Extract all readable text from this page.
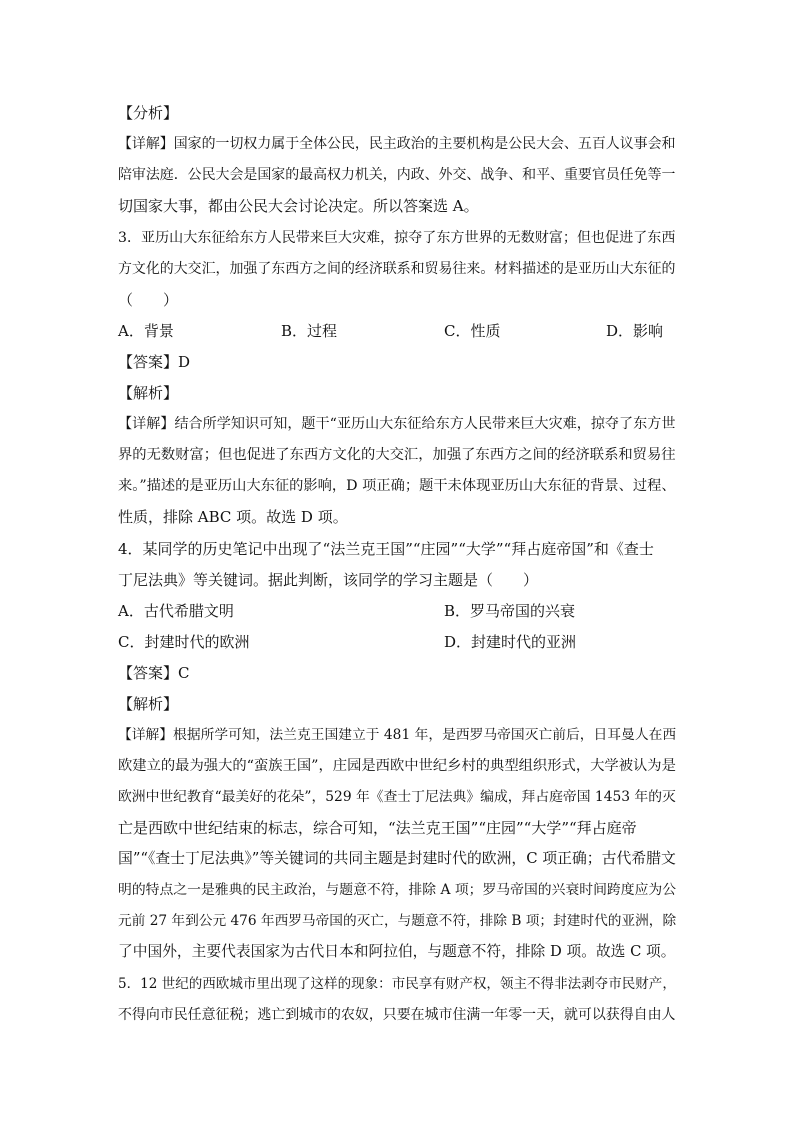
【分析】
【详解】国家的一切权力属于全体公民，民主政治的主要机构是公民大会、五百人议事会和
陪审法庭．公民大会是国家的最高权力机关，内政、外交、战争、和平、重要官员任免等一
切国家大事，都由公民大会讨论决定。所以答案选 A。
3．亚历山大东征给东方人民带来巨大灾难，掠夺了东方世界的无数财富；但也促进了东西
方文化的大交汇，加强了东西方之间的经济联系和贸易往来。材料描述的是亚历山大东征的
（　　）
A．背景	B．过程	C．性质	D．影响
【答案】D
【解析】
【详解】结合所学知识可知，题干“亚历山大东征给东方人民带来巨大灾难，掠夺了东方世
界的无数财富；但也促进了东西方文化的大交汇，加强了东西方之间的经济联系和贸易往
来。”描述的是亚历山大东征的影响，D 项正确；题干未体现亚历山大东征的背景、过程、
性质，排除 ABC 项。故选 D 项。
4．某同学的历史笔记中出现了“法兰克王国”“庄园”“大学”“拜占庭帝国”和《查士
丁尼法典》等关键词。据此判断，该同学的学习主题是（　　）
A．古代希腊文明	B．罗马帝国的兴衰
C．封建时代的欧洲	D．封建时代的亚洲
【答案】C
【解析】
【详解】根据所学可知，法兰克王国建立于 481 年，是西罗马帝国灭亡前后，日耳曼人在西
欧建立的最为强大的“蛮族王国”，庄园是西欧中世纪乡村的典型组织形式，大学被认为是
欧洲中世纪教育“最美好的花朵”，529 年《查士丁尼法典》编成，拜占庭帝国 1453 年的灭
亡是西欧中世纪结束的标志，综合可知，“法兰克王国”“庄园”“大学”“拜占庭帝
国”“《查士丁尼法典》”等关键词的共同主题是封建时代的欧洲，C 项正确；古代希腊文
明的特点之一是雅典的民主政治，与题意不符，排除 A 项；罗马帝国的兴衰时间跨度应为公
元前 27 年到公元 476 年西罗马帝国的灭亡，与题意不符，排除 B 项；封建时代的亚洲，除
了中国外，主要代表国家为古代日本和阿拉伯，与题意不符，排除 D 项。故选 C 项。
5．12 世纪的西欧城市里出现了这样的现象：市民享有财产权，领主不得非法剥夺市民财产，
不得向市民任意征税；逃亡到城市的农奴，只要在城市住满一年零一天，就可以获得自由人
